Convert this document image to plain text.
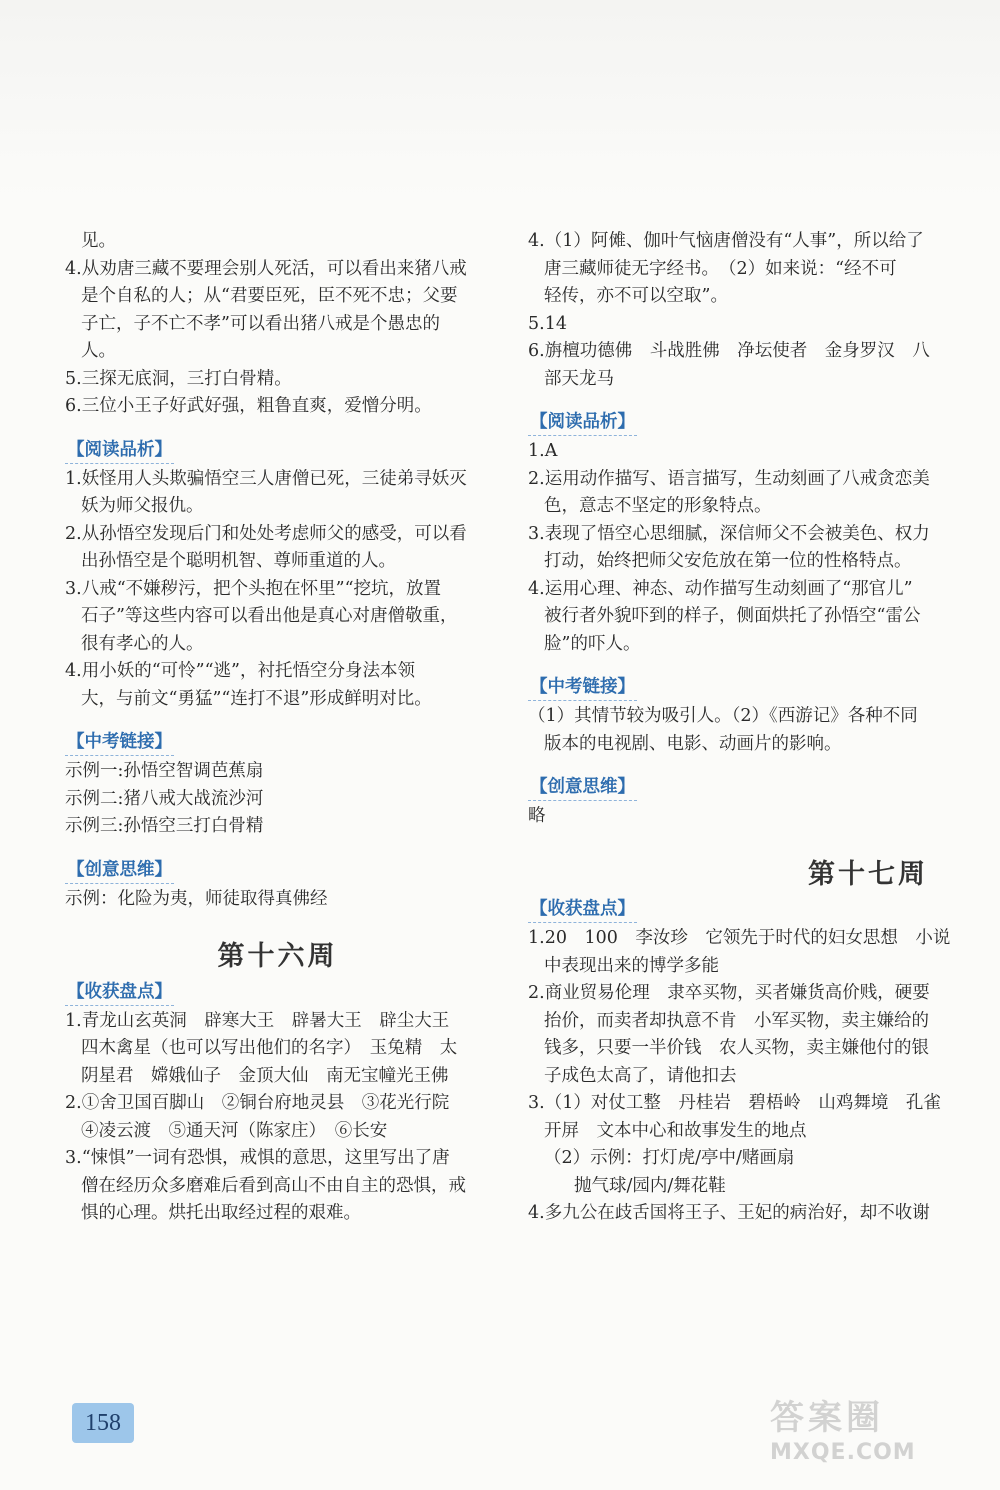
见。
4.从劝唐三藏不要理会别人死活，可以看出来猪八戒
是个自私的人；从“君要臣死，臣不死不忠；父要
子亡，子不亡不孝”可以看出猪八戒是个愚忠的
人。
5.三探无底洞，三打白骨精。
6.三位小王子好武好强，粗鲁直爽，爱憎分明。
【阅读品析】
1.妖怪用人头欺骗悟空三人唐僧已死，三徒弟寻妖灭
妖为师父报仇。
2.从孙悟空发现后门和处处考虑师父的感受，可以看
出孙悟空是个聪明机智、尊师重道的人。
3.八戒“不嫌秽污，把个头抱在怀里”“挖坑，放置
石子”等这些内容可以看出他是真心对唐僧敬重，
很有孝心的人。
4.用小妖的“可怜”“逃”，衬托悟空分身法本领
大，与前文“勇猛”“连打不退”形成鲜明对比。
【中考链接】
示例一:孙悟空智调芭蕉扇
示例二:猪八戒大战流沙河
示例三:孙悟空三打白骨精
【创意思维】
示例：化险为夷，师徒取得真佛经
第十六周
【收获盘点】
1.青龙山玄英洞　辟寒大王　辟暑大王　辟尘大王
四木禽星（也可以写出他们的名字）　玉兔精　太
阴星君　嫦娥仙子　金顶大仙　南无宝幢光王佛
2.①舍卫国百脚山　②铜台府地灵县　③花光行院
④凌云渡　⑤通天河（陈家庄）　⑥长安
3.“悚惧”一词有恐惧，戒惧的意思，这里写出了唐
僧在经历众多磨难后看到高山不由自主的恐惧，戒
惧的心理。烘托出取经过程的艰难。
4.（1）阿傩、伽叶气恼唐僧没有“人事”，所以给了
唐三藏师徒无字经书。　（2）如来说：“经不可
轻传，亦不可以空取”。
5.14
6.旃檀功德佛　斗战胜佛　净坛使者　金身罗汉　八
部天龙马
【阅读品析】
1.A
2.运用动作描写、语言描写，生动刻画了八戒贪恋美
色，意志不坚定的形象特点。
3.表现了悟空心思细腻，深信师父不会被美色、权力
打动，始终把师父安危放在第一位的性格特点。
4.运用心理、神态、动作描写生动刻画了“那官儿”
被行者外貌吓到的样子，侧面烘托了孙悟空“雷公
脸”的吓人。
【中考链接】
（1）其情节较为吸引人。（2）《西游记》各种不同
版本的电视剧、电影、动画片的影响。
【创意思维】
略
第十七周
【收获盘点】
1.20　100　李汝珍　它领先于时代的妇女思想　小说
中表现出来的博学多能
2.商业贸易伦理　隶卒买物，买者嫌货高价贱，硬要
抬价，而卖者却执意不肯　小军买物，卖主嫌给的
钱多，只要一半价钱　农人买物，卖主嫌他付的银
子成色太高了，请他扣去
3.（1）对仗工整　丹桂岩　碧梧岭　山鸡舞境　孔雀
开屏　文本中心和故事发生的地点
（2）示例：打灯虎/亭中/赌画扇
抛气球/园内/舞花鞋
4.多九公在歧舌国将王子、王妃的病治好，却不收谢
158	答案圈
MXQE.COM
